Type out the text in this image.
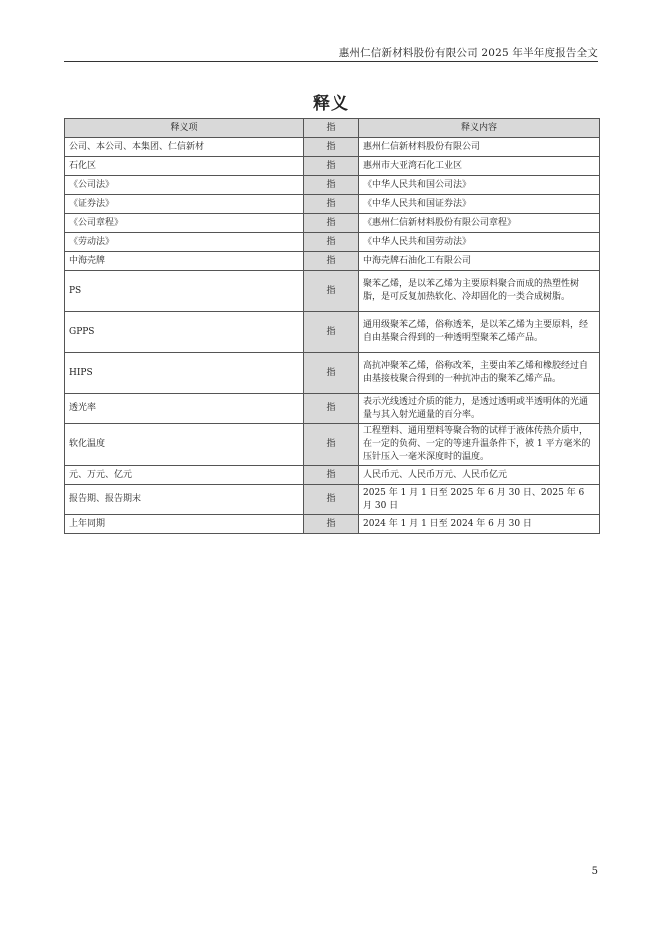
惠州仁信新材料股份有限公司 2025 年半年度报告全文
释义
释义项	指	释义内容
公司、本公司、本集团、仁信新材	指	惠州仁信新材料股份有限公司
石化区	指	惠州市大亚湾石化工业区
《公司法》	指	《中华人民共和国公司法》
《证券法》	指	《中华人民共和国证券法》
《公司章程》	指	《惠州仁信新材料股份有限公司章程》
《劳动法》	指	《中华人民共和国劳动法》
中海壳牌	指	中海壳牌石油化工有限公司
PS	指	聚苯乙烯，是以苯乙烯为主要原料聚合而成的热塑性树脂，是可反复加热软化、冷却固化的一类合成树脂。
GPPS	指	通用级聚苯乙烯，俗称透苯，是以苯乙烯为主要原料，经自由基聚合得到的一种透明型聚苯乙烯产品。
HIPS	指	高抗冲聚苯乙烯，俗称改苯，主要由苯乙烯和橡胶经过自由基接枝聚合得到的一种抗冲击的聚苯乙烯产品。
透光率	指	表示光线透过介质的能力，是透过透明或半透明体的光通量与其入射光通量的百分率。
软化温度	指	工程塑料、通用塑料等聚合物的试样于液体传热介质中，在一定的负荷、一定的等速升温条件下，被 1 平方毫米的压针压入一毫米深度时的温度。
元、万元、亿元	指	人民币元、人民币万元、人民币亿元
报告期、报告期末	指	2025 年 1 月 1 日至 2025 年 6 月 30 日、2025 年 6 月 30 日
上年同期	指	2024 年 1 月 1 日至 2024 年 6 月 30 日
5
